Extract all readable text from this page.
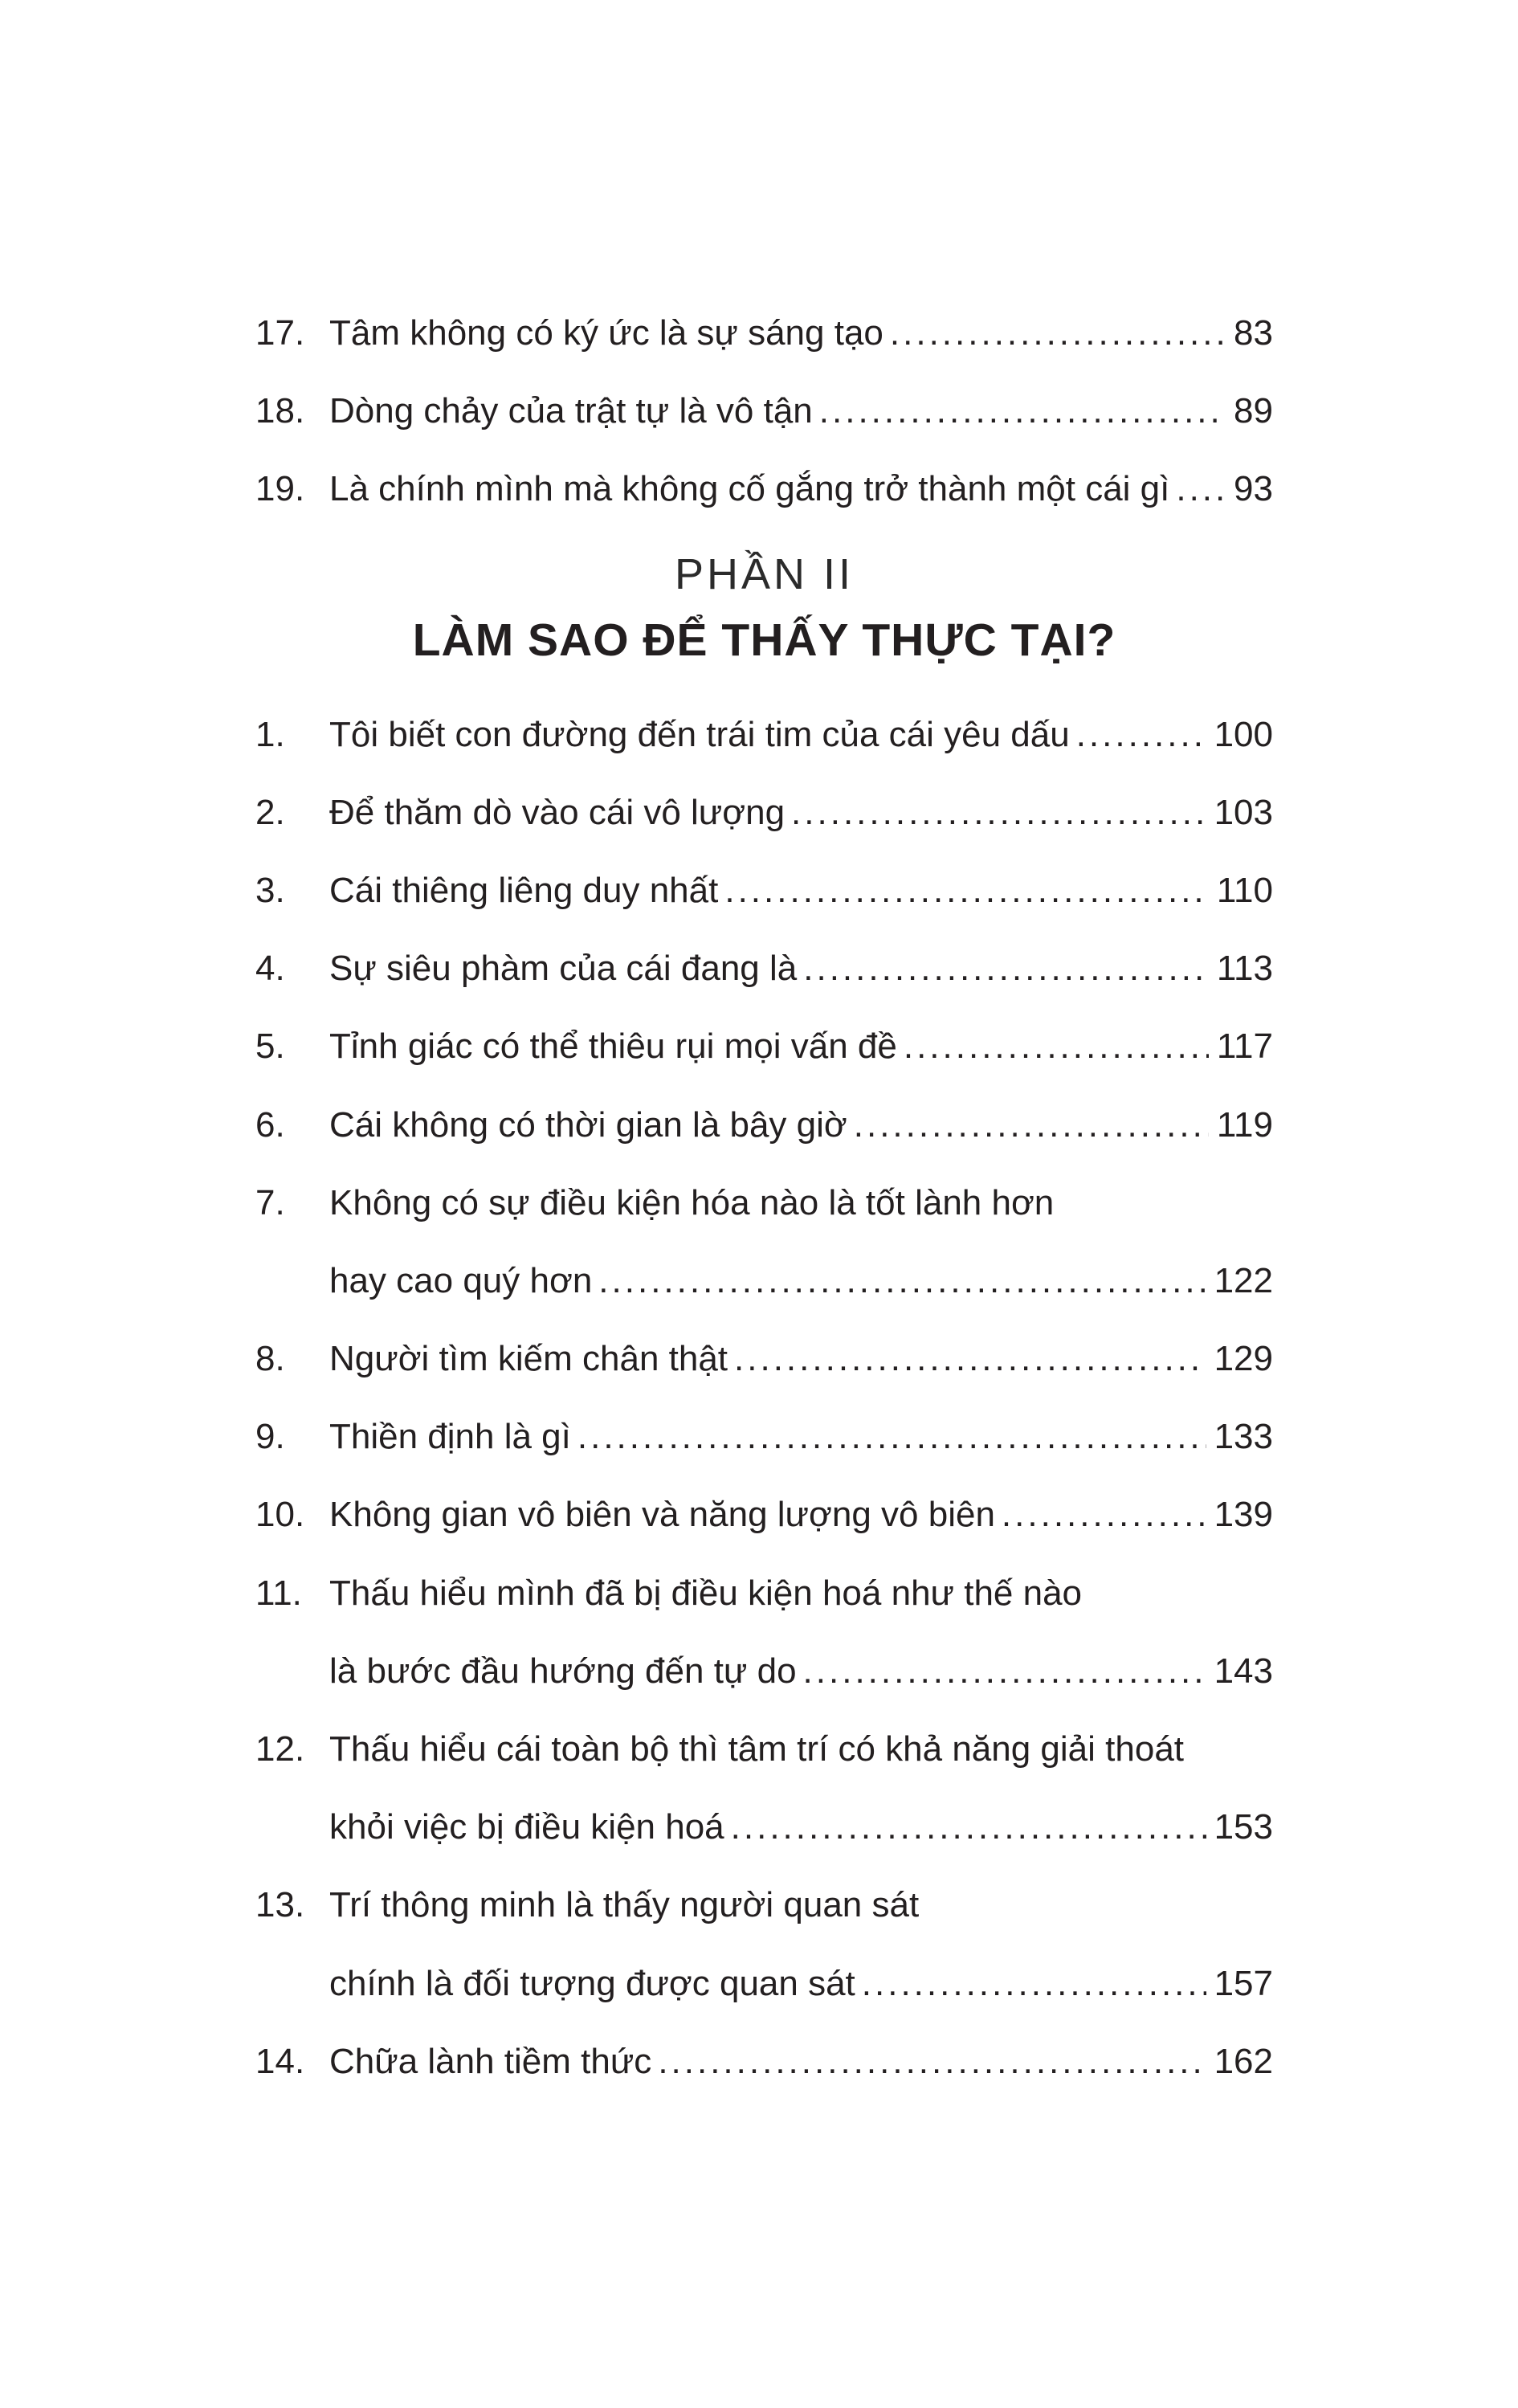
17. Tâm không có ký ức là sự sáng tạo .....	83
18. Dòng chảy của trật tự là vô tận .....	89
19. Là chính mình mà không cố gắng trở thành một cái gì ..... 93
PHẦN II
LÀM SAO ĐỂ THẤY THỰC TẠI?
1.	Tôi biết con đường đến trái tim của cái yêu dấu .....	100
2.	Để thăm dò vào cái vô lượng .....	103
3.	Cái thiêng liêng duy nhất .....	110
4.	Sự siêu phàm của cái đang là .....	113
5.	Tỉnh giác có thể thiêu rụi mọi vấn đề .....	117
6.	Cái không có thời gian là bây giờ .....	119
7.	Không có sự điều kiện hóa nào là tốt lành hơn
hay cao quý hơn .....	122
8.	Người tìm kiếm chân thật .....	129
9.	Thiền định là gì .....	133
10. Không gian vô biên và năng lượng vô biên .....	139
11. Thấu hiểu mình đã bị điều kiện hoá như thế nào
là bước đầu hướng đến tự do .....	143
12. Thấu hiểu cái toàn bộ thì tâm trí có khả năng giải thoát
khỏi việc bị điều kiện hoá .....	153
13. Trí thông minh là thấy người quan sát
chính là đối tượng được quan sát .....	157
14. Chữa lành tiềm thức .....	162
